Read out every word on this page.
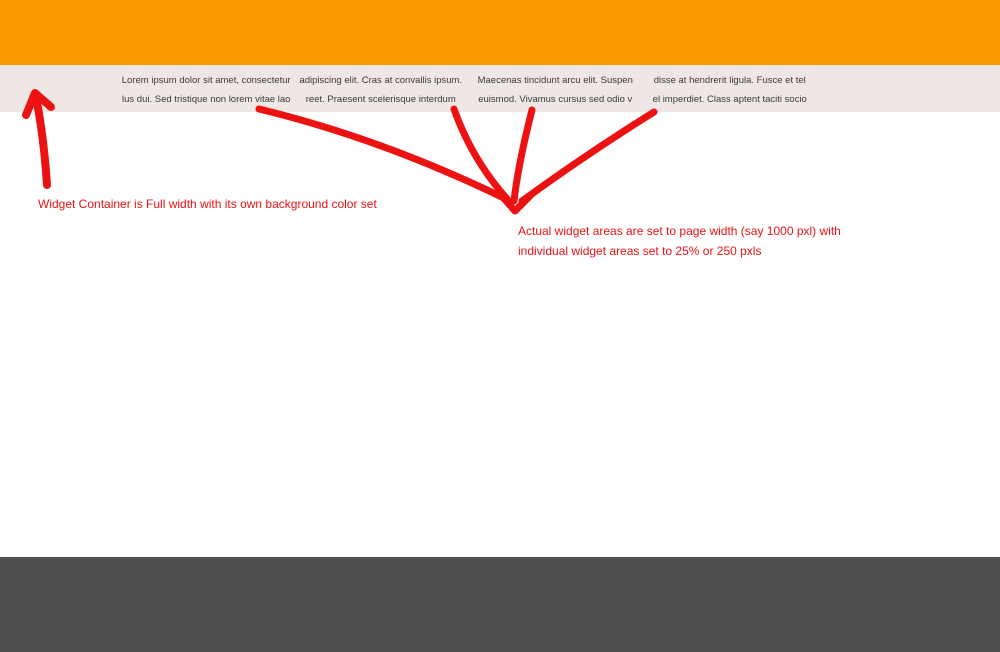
Lorem ipsum dolor sit amet, consectetur
lus dui. Sed tristique non lorem vitae lao
adipiscing elit. Cras at convallis ipsum.
reet. Praesent scelerisque interdum
Maecenas tincidunt arcu elit. Suspen
euismod. Vivamus cursus sed odio v
disse at hendrerit ligula. Fusce et tel
el imperdiet. Class aptent taciti socio
Widget Container is Full width with its own background color set
Actual widget areas are set to page width (say 1000 pxl) with
individual widget areas set to 25% or 250 pxls
